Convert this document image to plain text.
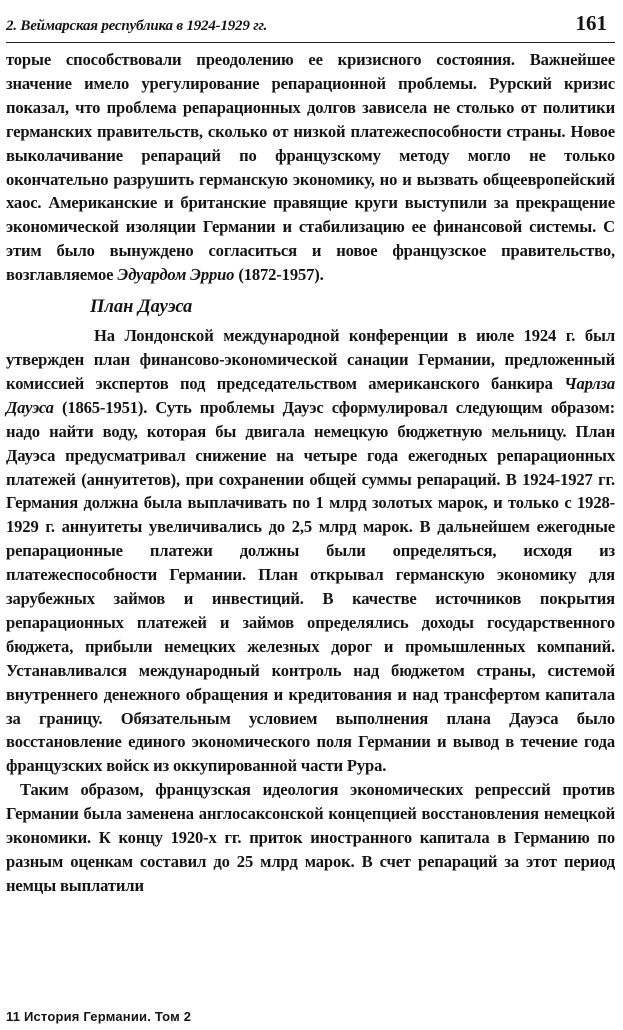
2. Веймарская республика в 1924-1929 гг.	161

торые способствовали преодолению ее кризисного состояния. Важнейшее значение имело урегулирование репарационной проблемы. Рурский кризис показал, что проблема репарационных долгов зависела не столько от политики германских правительств, сколько от низкой платежеспособности страны. Новое выколачивание репараций по французскому методу могло не только окончательно разрушить германскую экономику, но и вызвать общеевропейский хаос. Американские и британские правящие круги выступили за прекращение экономической изоляции Германии и стабилизацию ее финансовой системы. С этим было вынуждено согласиться и новое французское правительство, возглавляемое Эдуардом Эррио (1872-1957).

План Дауэса

На Лондонской международной конференции в июле 1924 г. был утвержден план финансово-экономической санации Германии, предложенный комиссией экспертов под председательством американского банкира Чарлза Дауэса (1865-1951). Суть проблемы Дауэс сформулировал следующим образом: надо найти воду, которая бы двигала немецкую бюджетную мельницу. План Дауэса предусматривал снижение на четыре года ежегодных репарационных платежей (аннуитетов), при сохранении общей суммы репараций. В 1924-1927 гг. Германия должна была выплачивать по 1 млрд золотых марок, и только с 1928-1929 г. аннуитеты увеличивались до 2,5 млрд марок. В дальнейшем ежегодные репарационные платежи должны были определяться, исходя из платежеспособности Германии. План открывал германскую экономику для зарубежных займов и инвестиций. В качестве источников покрытия репарационных платежей и займов определялись доходы государственного бюджета, прибыли немецких железных дорог и промышленных компаний. Устанавливался международный контроль над бюджетом страны, системой внутреннего денежного обращения и кредитования и над трансфертом капитала за границу. Обязательным условием выполнения плана Дауэса было восстановление единого экономического поля Германии и вывод в течение года французских войск из оккупированной части Рура.

Таким образом, французская идеология экономических репрессий против Германии была заменена англосаксонской концепцией восстановления немецкой экономики. К концу 1920-х гг. приток иностранного капитала в Германию по разным оценкам составил до 25 млрд марок. В счет репараций за этот период немцы выплатили

11 История Германии. Том 2
